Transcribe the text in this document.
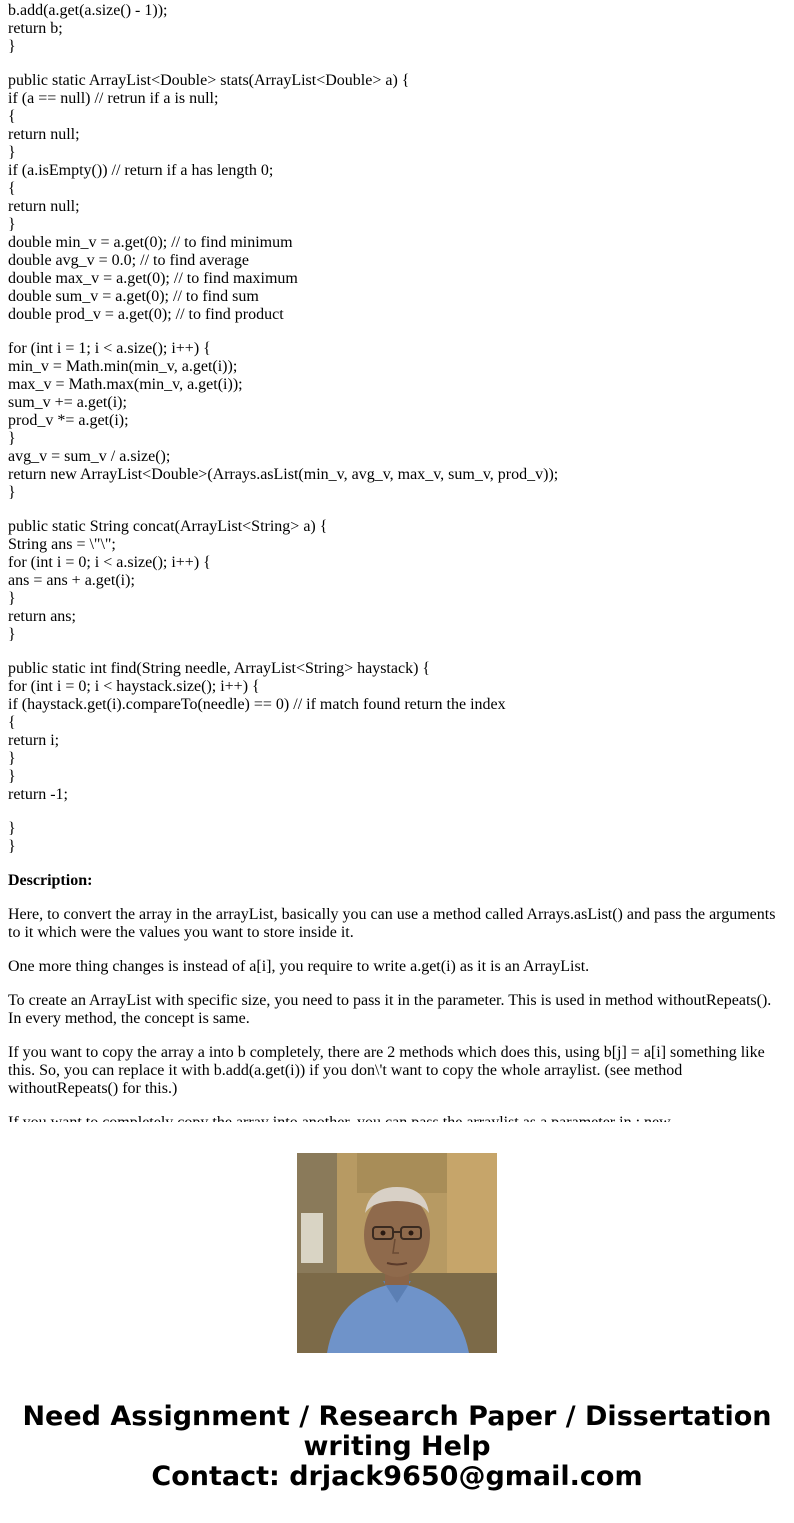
b.add(a.get(a.size() - 1));
return b;
}
public static ArrayList<Double> stats(ArrayList<Double> a) {
if (a == null) // retrun if a is null;
{
return null;
}
if (a.isEmpty()) // return if a has length 0;
{
return null;
}
double min_v = a.get(0); // to find minimum
double avg_v = 0.0; // to find average
double max_v = a.get(0); // to find maximum
double sum_v = a.get(0); // to find sum
double prod_v = a.get(0); // to find product
for (int i = 1; i < a.size(); i++) {
min_v = Math.min(min_v, a.get(i));
max_v = Math.max(min_v, a.get(i));
sum_v += a.get(i);
prod_v *= a.get(i);
}
avg_v = sum_v / a.size();
return new ArrayList<Double>(Arrays.asList(min_v, avg_v, max_v, sum_v, prod_v));
}
public static String concat(ArrayList<String> a) {
String ans = \"\";
for (int i = 0; i < a.size(); i++) {
ans = ans + a.get(i);
}
return ans;
}
public static int find(String needle, ArrayList<String> haystack) {
for (int i = 0; i < haystack.size(); i++) {
if (haystack.get(i).compareTo(needle) == 0) // if match found return the index
{
return i;
}
}
return -1;
}
}
Description:

Here, to convert the array in the arrayList, basically you can use a method called Arrays.asList() and pass the arguments to it which were the values you want to store inside it.

One more thing changes is instead of a[i], you require to write a.get(i) as it is an ArrayList.

To create an ArrayList with specific size, you need to pass it in the parameter. This is used in method withoutRepeats(). In every method, the concept is same.

If you want to copy the array a into b completely, there are 2 methods which does this, using b[j] = a[i] something like this. So, you can replace it with b.add(a.get(i)) if you don\'t want to copy the whole arraylist. (see method withoutRepeats() for this.)

Need Assignment / Research Paper / Dissertation
writing Help
Contact: drjack9650@gmail.com
